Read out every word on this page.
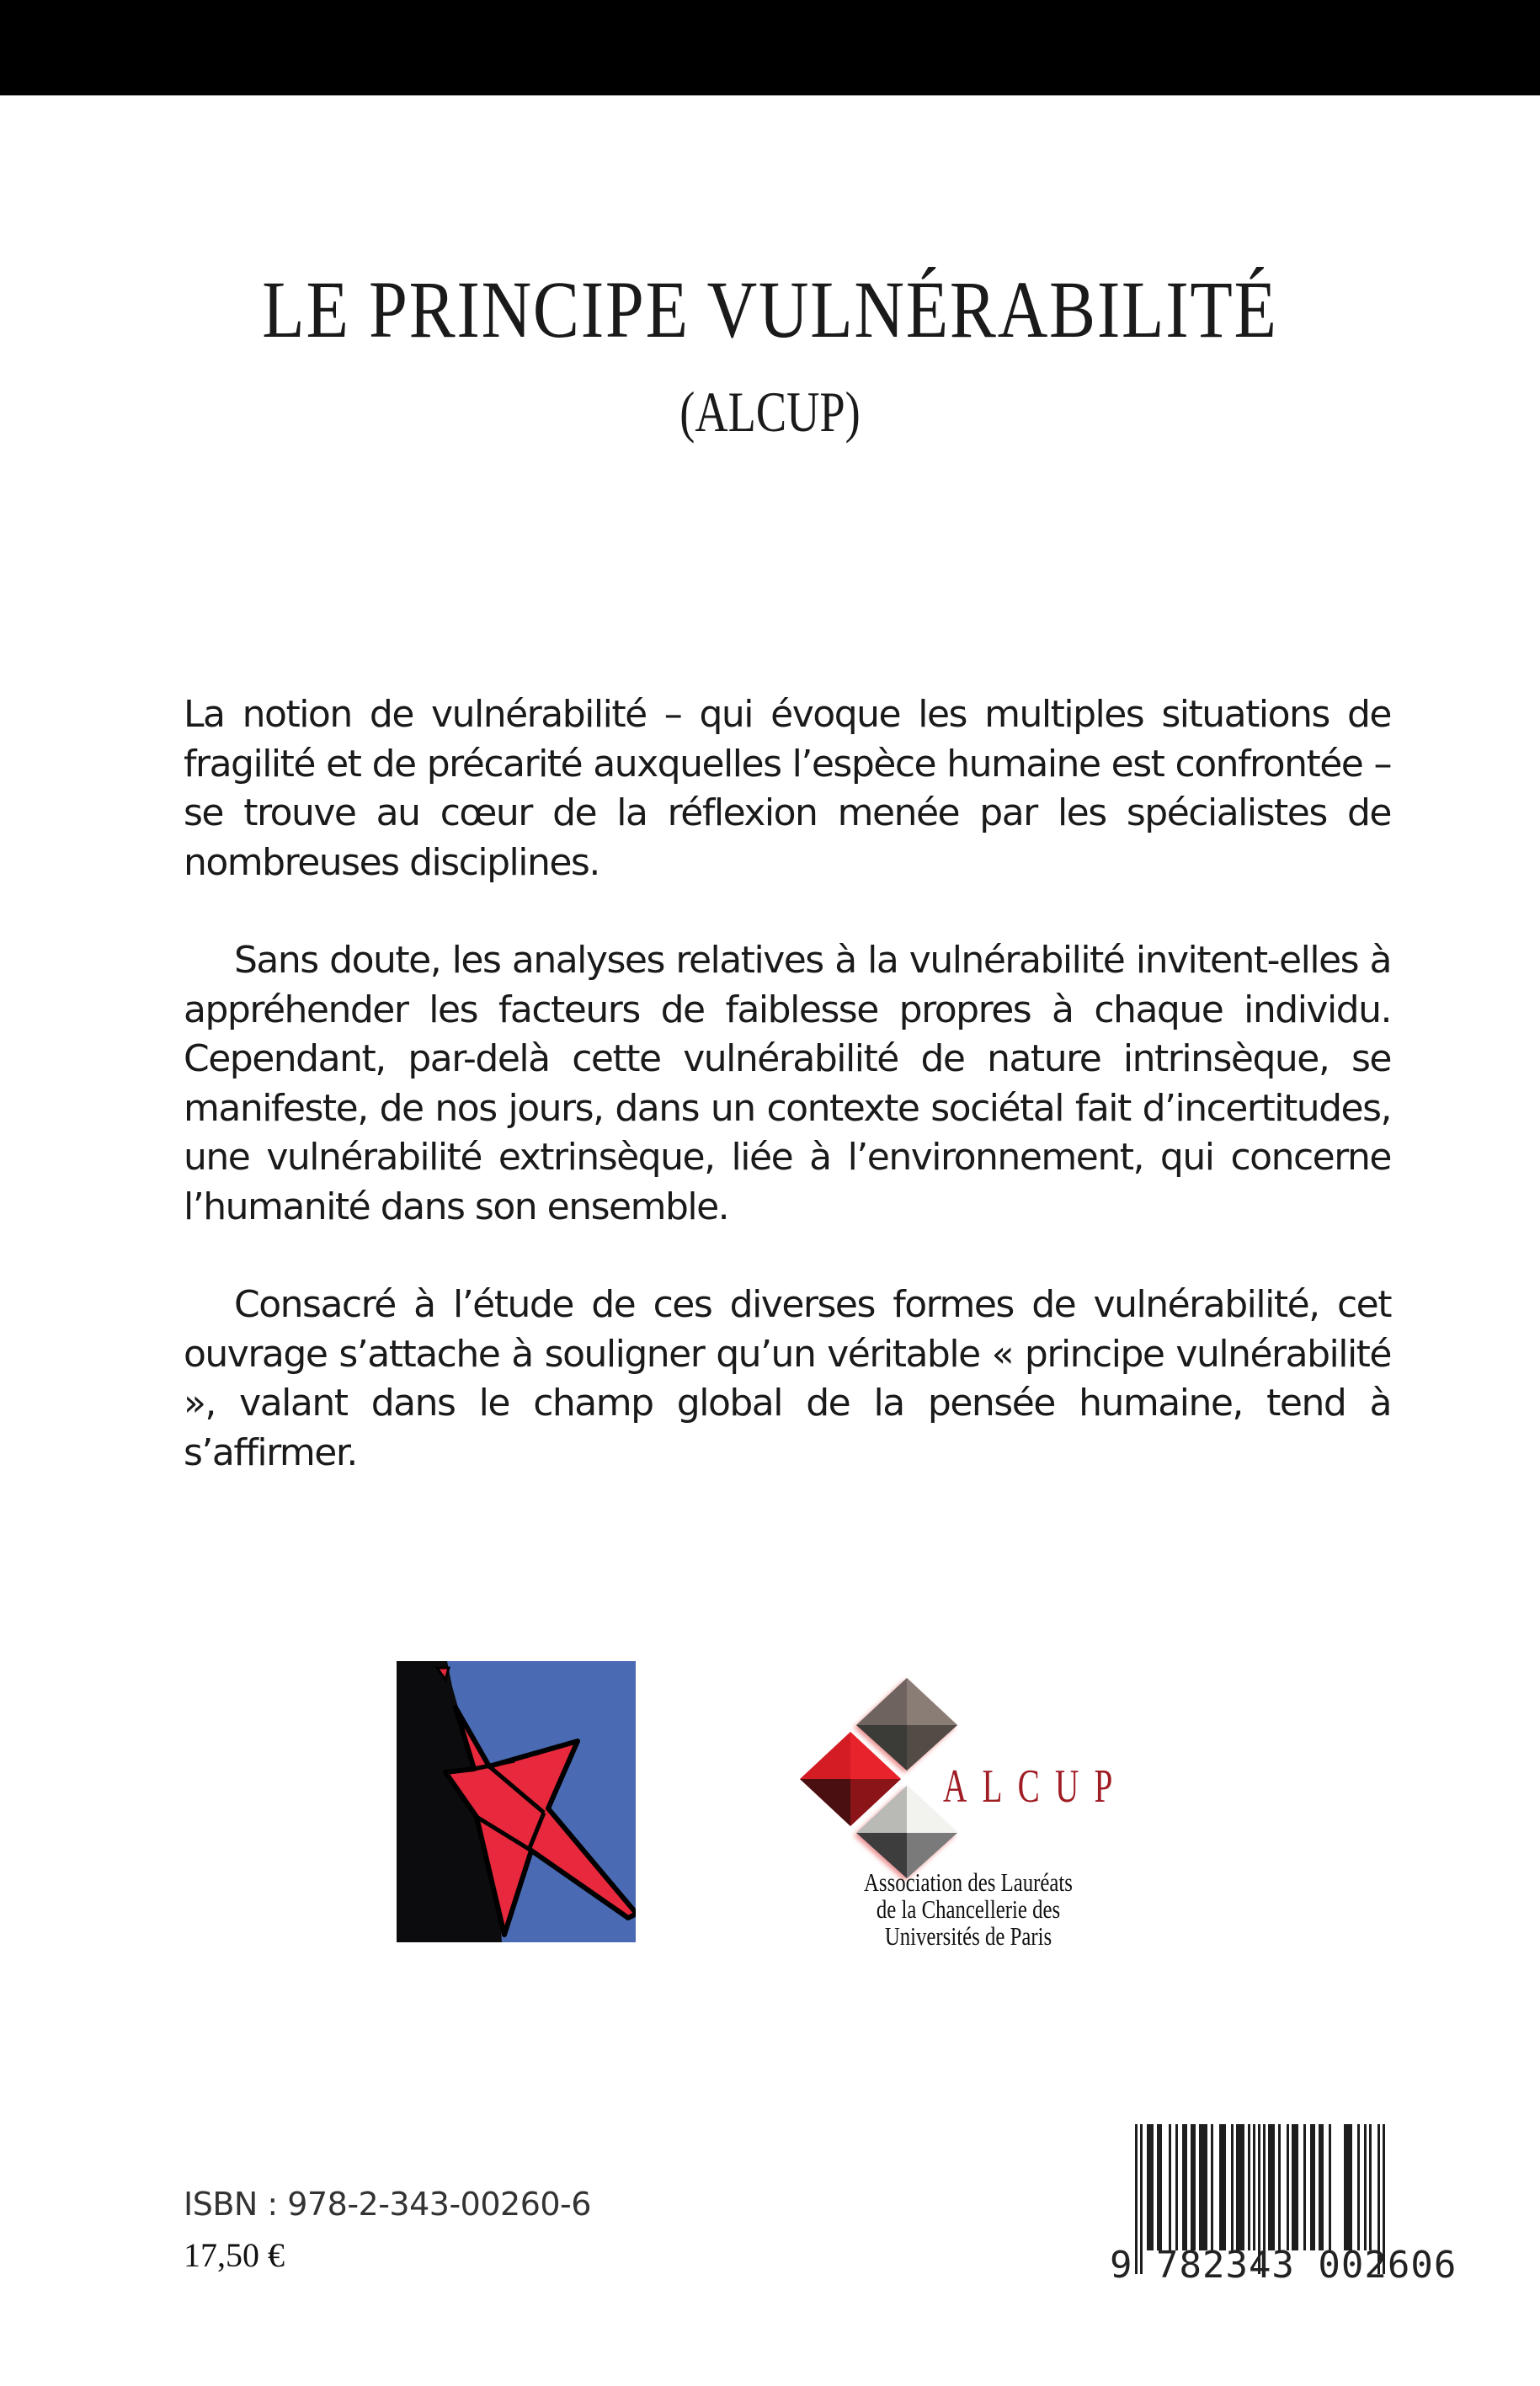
LE PRINCIPE VULNÉRABILITÉ
(ALCUP)

La notion de vulnérabilité – qui évoque les multiples situations de fragilité et de précarité auxquelles l’espèce humaine est confrontée – se trouve au cœur de la réflexion menée par les spécialistes de nombreuses disciplines.

Sans doute, les analyses relatives à la vulnérabilité invitent-elles à appréhender les facteurs de faiblesse propres à chaque individu. Cependant, par-delà cette vulnérabilité de nature intrinsèque, se manifeste, de nos jours, dans un contexte sociétal fait d’incertitudes, une vulnérabilité extrinsèque, liée à l’environnement, qui concerne l’humanité dans son ensemble.

Consacré à l’étude de ces diverses formes de vulnérabilité, cet ouvrage s’attache à souligner qu’un véritable « principe vulnérabilité », valant dans le champ global de la pensée humaine, tend à s’affirmer.

ALCUP
Association des Lauréats
de la Chancellerie des Universités de Paris
ISBN : 978-2-343-00260-6
17,50 €	9 782343 002606
